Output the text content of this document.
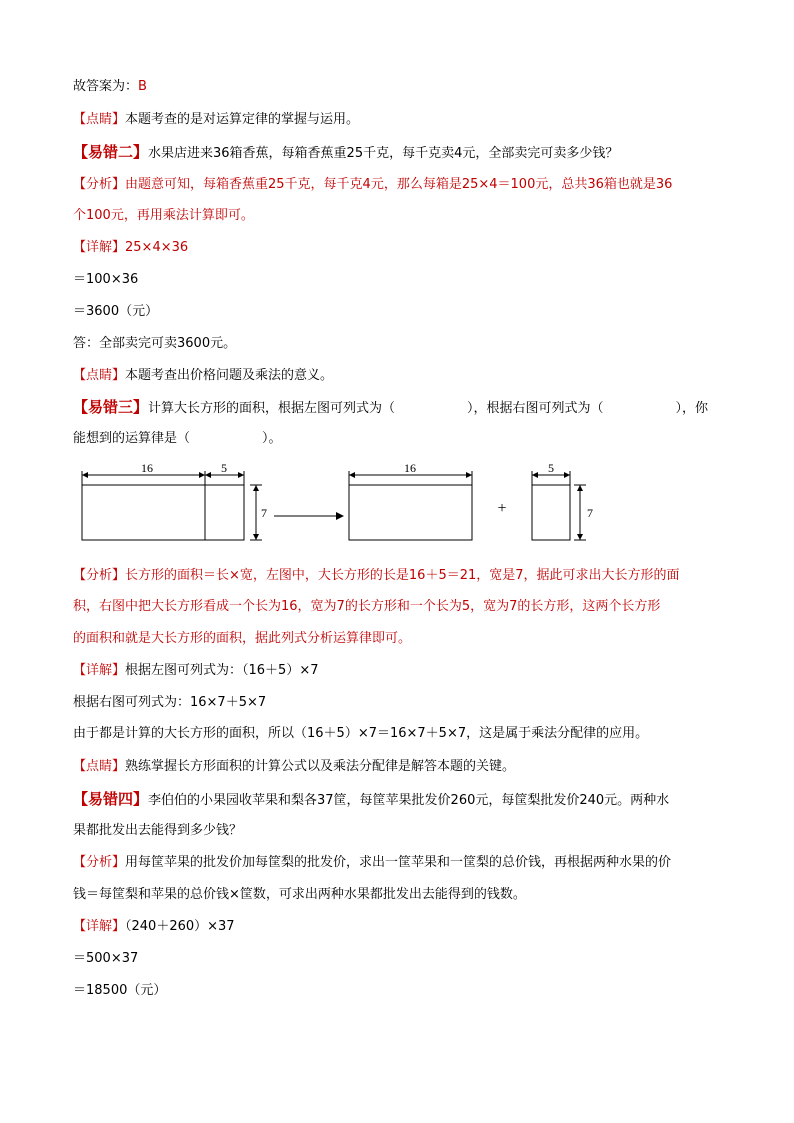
故答案为：B
【点睛】本题考查的是对运算定律的掌握与运用。
【易错二】水果店进来36箱香蕉，每箱香蕉重25千克，每千克卖4元，全部卖完可卖多少钱？
【分析】由题意可知，每箱香蕉重25千克，每千克4元，那么每箱是25×4＝100元，总共36箱也就是36
个100元，再用乘法计算即可。
【详解】25×4×36
＝100×36
＝3600（元）
答：全部卖完可卖3600元。
【点睛】本题考查出价格问题及乘法的意义。
【易错三】计算大长方形的面积，根据左图可列式为（	），根据右图可列式为（	），你
能想到的运算律是（	）。
16	5
7
16
+
5
7
【分析】长方形的面积＝长×宽，左图中，大长方形的长是16＋5＝21，宽是7，据此可求出大长方形的面
积，右图中把大长方形看成一个长为16，宽为7的长方形和一个长为5，宽为7的长方形，这两个长方形
的面积和就是大长方形的面积，据此列式分析运算律即可。
【详解】根据左图可列式为：（16＋5）×7
根据右图可列式为：16×7＋5×7
由于都是计算的大长方形的面积，所以（16＋5）×7＝16×7＋5×7，这是属于乘法分配律的应用。
【点睛】熟练掌握长方形面积的计算公式以及乘法分配律是解答本题的关键。
【易错四】李伯伯的小果园收苹果和梨各37筐，每筐苹果批发价260元，每筐梨批发价240元。两种水
果都批发出去能得到多少钱？
【分析】用每筐苹果的批发价加每筐梨的批发价，求出一筐苹果和一筐梨的总价钱，再根据两种水果的价
钱＝每筐梨和苹果的总价钱×筐数，可求出两种水果都批发出去能得到的钱数。
【详解】（240＋260）×37
＝500×37
＝18500（元）
